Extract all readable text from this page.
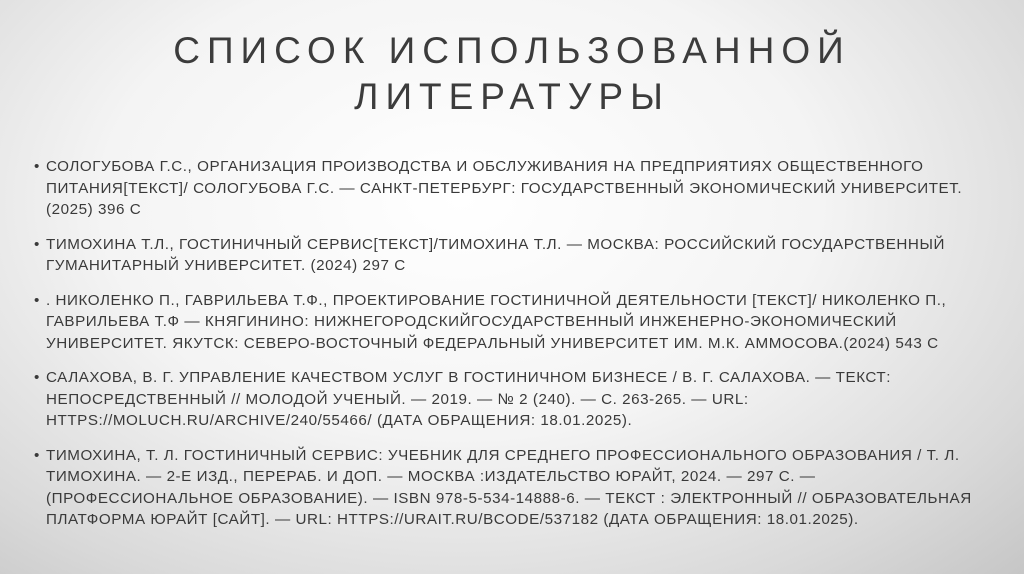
СПИСОК ИСПОЛЬЗОВАННОЙ
ЛИТЕРАТУРЫ
• СОЛОГУБОВА Г.С., ОРГАНИЗАЦИЯ ПРОИЗВОДСТВА И ОБСЛУЖИВАНИЯ НА ПРЕДПРИЯТИЯХ ОБЩЕСТВЕННОГО ПИТАНИЯ[ТЕКСТ]/ СОЛОГУБОВА Г.С. — САНКТ-ПЕТЕРБУРГ: ГОСУДАРСТВЕННЫЙ ЭКОНОМИЧЕСКИЙ УНИВЕРСИТЕТ. (2025) 396 С
• ТИМОХИНА Т.Л., ГОСТИНИЧНЫЙ СЕРВИС[ТЕКСТ]/ТИМОХИНА Т.Л. — МОСКВА: РОССИЙСКИЙ ГОСУДАРСТВЕННЫЙ ГУМАНИТАРНЫЙ УНИВЕРСИТЕТ. (2024) 297 С
• . НИКОЛЕНКО П., ГАВРИЛЬЕВА Т.Ф., ПРОЕКТИРОВАНИЕ ГОСТИНИЧНОЙ ДЕЯТЕЛЬНОСТИ [ТЕКСТ]/ НИКОЛЕНКО П., ГАВРИЛЬЕВА Т.Ф — КНЯГИНИНО: НИЖНЕГОРОДСКИЙГОСУДАРСТВЕННЫЙ ИНЖЕНЕРНО-ЭКОНОМИЧЕСКИЙ УНИВЕРСИТЕТ. ЯКУТСК: СЕВЕРО-ВОСТОЧНЫЙ ФЕДЕРАЛЬНЫЙ УНИВЕРСИТЕТ ИМ. М.К. АММОСОВА.(2024) 543 С
• САЛАХОВА, В. Г. УПРАВЛЕНИЕ КАЧЕСТВОМ УСЛУГ В ГОСТИНИЧНОМ БИЗНЕСЕ / В. Г. САЛАХОВА. — ТЕКСТ: НЕПОСРЕДСТВЕННЫЙ // МОЛОДОЙ УЧЕНЫЙ. — 2019. — № 2 (240). — С. 263-265. — URL: HTTPS://MOLUCH.RU/ARCHIVE/240/55466/ (ДАТА ОБРАЩЕНИЯ: 18.01.2025).
• ТИМОХИНА, Т. Л. ГОСТИНИЧНЫЙ СЕРВИС: УЧЕБНИК ДЛЯ СРЕДНЕГО ПРОФЕССИОНАЛЬНОГО ОБРАЗОВАНИЯ / Т. Л. ТИМОХИНА. — 2-Е ИЗД., ПЕРЕРАБ. И ДОП. — МОСКВА :ИЗДАТЕЛЬСТВО ЮРАЙТ, 2024. — 297 С. — (ПРОФЕССИОНАЛЬНОЕ ОБРАЗОВАНИЕ). — ISBN 978-5-534-14888-6. — ТЕКСТ : ЭЛЕКТРОННЫЙ // ОБРАЗОВАТЕЛЬНАЯ ПЛАТФОРМА ЮРАЙТ [САЙТ]. — URL: HTTPS://URAIT.RU/BCODE/537182 (ДАТА ОБРАЩЕНИЯ: 18.01.2025).
